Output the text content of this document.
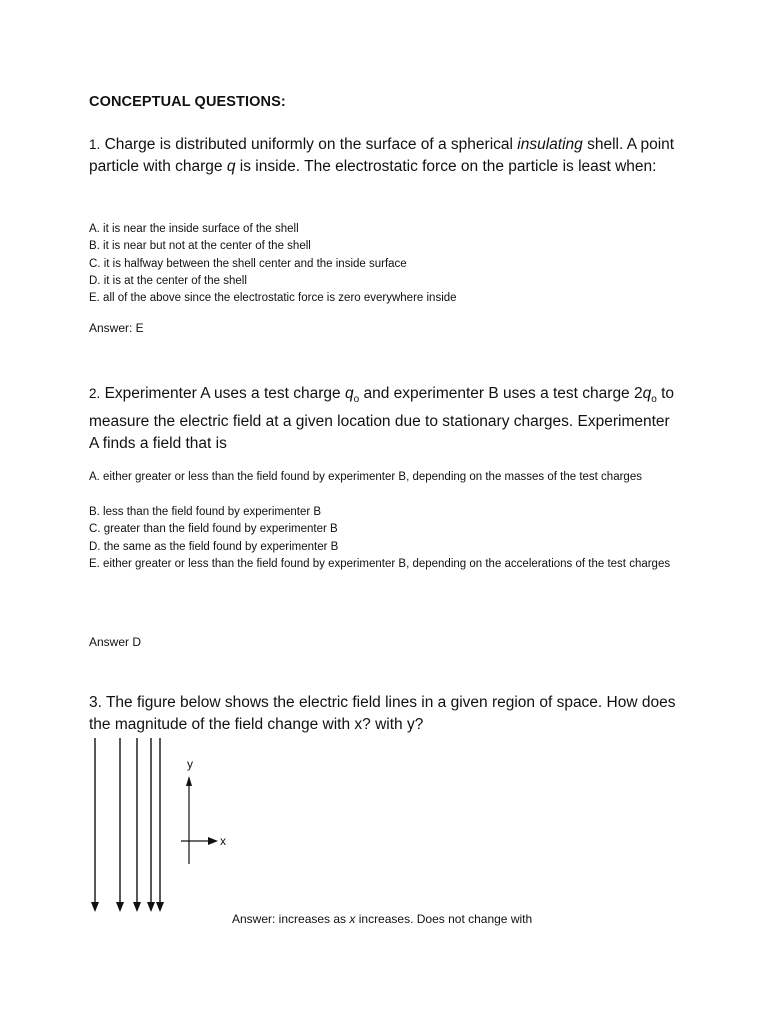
CONCEPTUAL QUESTIONS:
1. Charge is distributed uniformly on the surface of a spherical insulating shell. A point particle with charge q is inside. The electrostatic force on the particle is least when:
A. it is near the inside surface of the shell
B. it is near but not at the center of the shell
C. it is halfway between the shell center and the inside surface
D. it is at the center of the shell
E. all of the above since the electrostatic force is zero everywhere inside
Answer: E
2. Experimenter A uses a test charge $q_o$ and experimenter B uses a test charge $2q_o$ to measure the electric field at a given location due to stationary charges. Experimenter A finds a field that is
A. either greater or less than the field found by experimenter B, depending on the masses of the test charges
B. less than the field found by experimenter B
C. greater than the field found by experimenter B
D. the same as the field found by experimenter B
E. either greater or less than the field found by experimenter B, depending on the accelerations of the test charges
Answer D
3. The figure below shows the electric field lines in a given region of space. How does the magnitude of the field change with x? with y?
y
x
Answer: increases as x increases. Does not change with
